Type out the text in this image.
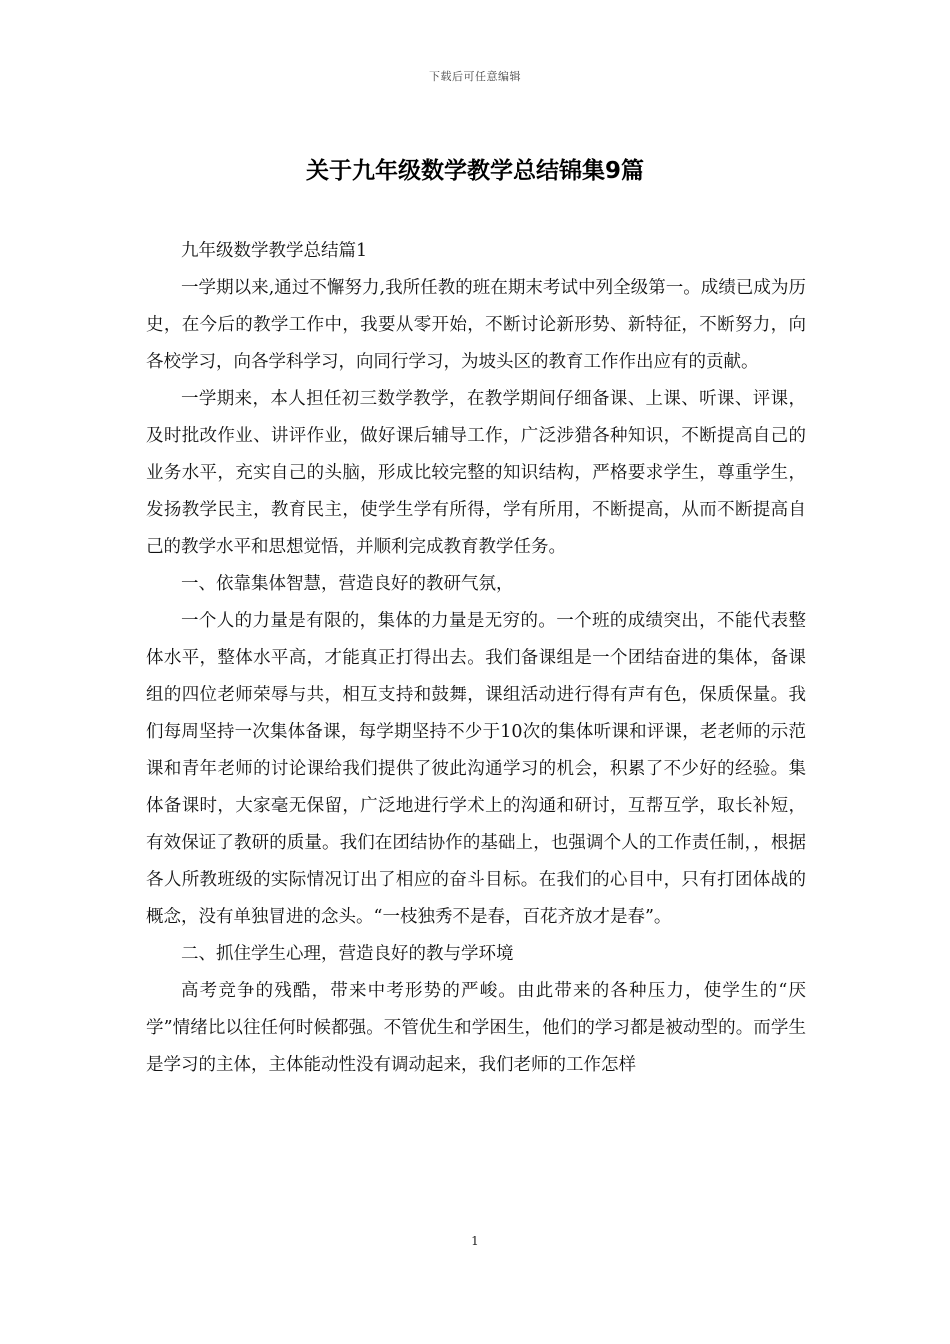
下载后可任意编辑
关于九年级数学教学总结锦集9篇

九年级数学教学总结篇1

一学期以来,通过不懈努力,我所任教的班在期末考试中列全级第一。成绩已成为历史，在今后的教学工作中，我要从零开始，不断讨论新形势、新特征，不断努力，向各校学习，向各学科学习，向同行学习，为坡头区的教育工作作出应有的贡献。

一学期来，本人担任初三数学教学，在教学期间仔细备课、上课、听课、评课，及时批改作业、讲评作业，做好课后辅导工作，广泛涉猎各种知识，不断提高自己的业务水平，充实自己的头脑，形成比较完整的知识结构，严格要求学生，尊重学生，发扬教学民主，教育民主，使学生学有所得，学有所用，不断提高，从而不断提高自己的教学水平和思想觉悟，并顺利完成教育教学任务。

一、依靠集体智慧，营造良好的教研气氛，

一个人的力量是有限的，集体的力量是无穷的。一个班的成绩突出，不能代表整体水平，整体水平高，才能真正打得出去。我们备课组是一个团结奋进的集体，备课组的四位老师荣辱与共，相互支持和鼓舞，课组活动进行得有声有色，保质保量。我们每周坚持一次集体备课，每学期坚持不少于10次的集体听课和评课，老老师的示范课和青年老师的讨论课给我们提供了彼此沟通学习的机会，积累了不少好的经验。集体备课时，大家毫无保留，广泛地进行学术上的沟通和研讨，互帮互学，取长补短，有效保证了教研的质量。我们在团结协作的基础上，也强调个人的工作责任制，，根据各人所教班级的实际情况订出了相应的奋斗目标。在我们的心目中，只有打团体战的概念，没有单独冒进的念头。“一枝独秀不是春，百花齐放才是春”。

二、抓住学生心理，营造良好的教与学环境

高考竞争的残酷，带来中考形势的严峻。由此带来的各种压力，使学生的“厌学”情绪比以往任何时候都强。不管优生和学困生，他们的学习都是被动型的。而学生是学习的主体，主体能动性没有调动起来，我们老师的工作怎样

1
